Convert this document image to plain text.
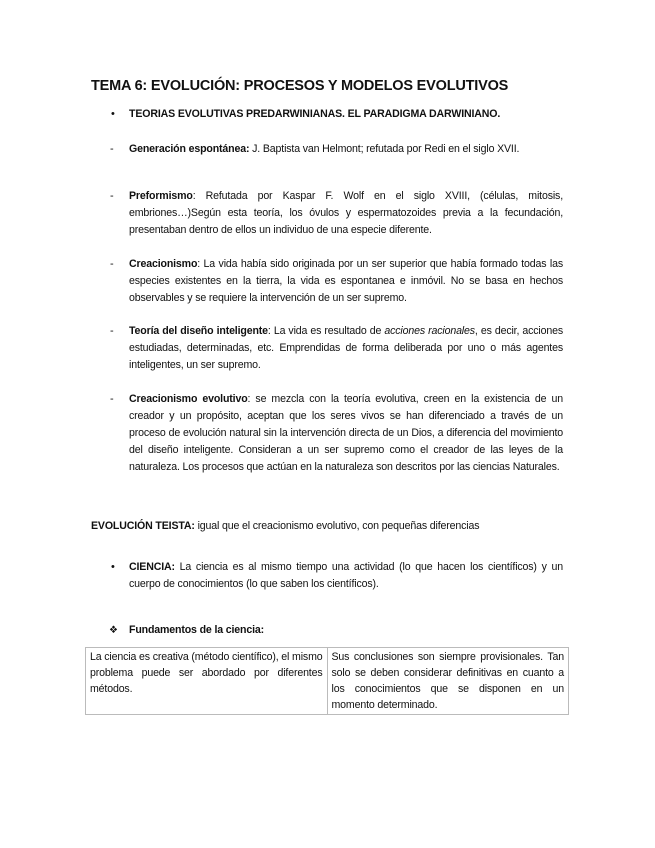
TEMA 6: EVOLUCIÓN: PROCESOS Y MODELOS EVOLUTIVOS
• TEORIAS EVOLUTIVAS PREDARWINIANAS. EL PARADIGMA DARWINIANO.
- Generación espontánea: J. Baptista van Helmont; refutada por Redi en el siglo XVII.
- Preformismo: Refutada por Kaspar F. Wolf en el siglo XVIII, (células, mitosis, embriones…)Según esta teoría, los óvulos y espermatozoides previa a la fecundación, presentaban dentro de ellos un individuo de una especie diferente.
- Creacionismo: La vida había sido originada por un ser superior que había formado todas las especies existentes en la tierra, la vida es espontanea e inmóvil. No se basa en hechos observables y se requiere la intervención de un ser supremo.
- Teoría del diseño inteligente: La vida es resultado de acciones racionales, es decir, acciones estudiadas, determinadas, etc. Emprendidas de forma deliberada por uno o más agentes inteligentes, un ser supremo.
- Creacionismo evolutivo: se mezcla con la teoría evolutiva, creen en la existencia de un creador y un propósito, aceptan que los seres vivos se han diferenciado a través de un proceso de evolución natural sin la intervención directa de un Dios, a diferencia del movimiento del diseño inteligente. Consideran a un ser supremo como el creador de las leyes de la naturaleza. Los procesos que actúan en la naturaleza son descritos por las ciencias Naturales.
EVOLUCIÓN TEISTA: igual que el creacionismo evolutivo, con pequeñas diferencias
• CIENCIA: La ciencia es al mismo tiempo una actividad (lo que hacen los científicos) y un cuerpo de conocimientos (lo que saben los científicos).
❖ Fundamentos de la ciencia:
La ciencia es creativa (método científico), el mismo problema puede ser abordado por diferentes métodos.	Sus conclusiones son siempre provisionales. Tan solo se deben considerar definitivas en cuanto a los conocimientos que se disponen en un momento determinado.
